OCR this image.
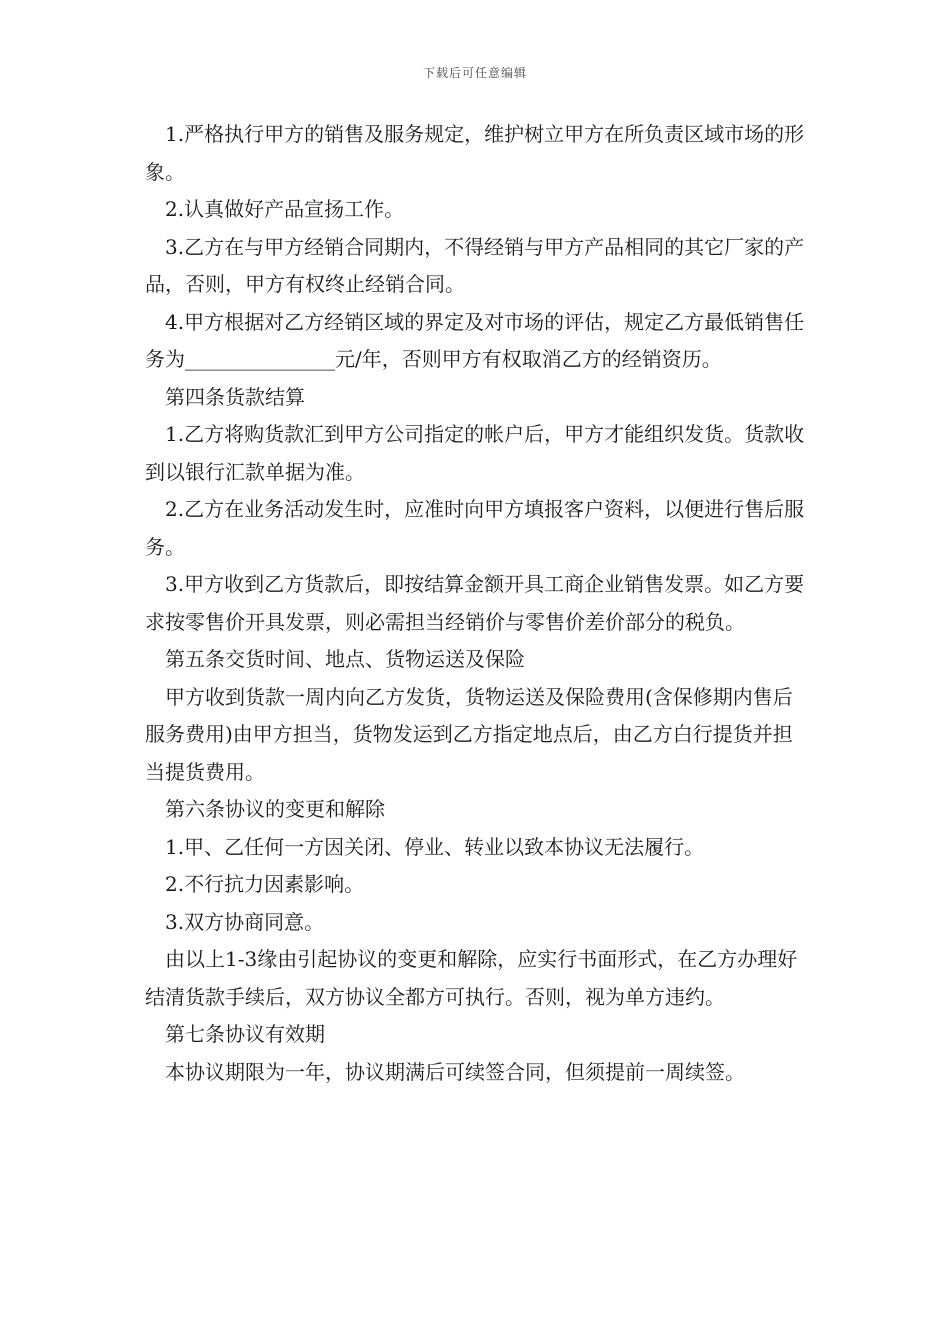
下载后可任意编辑

1.严格执行甲方的销售及服务规定，维护树立甲方在所负责区域市场的形象。

2.认真做好产品宣扬工作。

3.乙方在与甲方经销合同期内，不得经销与甲方产品相同的其它厂家的产品，否则，甲方有权终止经销合同。

4.甲方根据对乙方经销区域的界定及对市场的评估，规定乙方最低销售任务为_______________元/年，否则甲方有权取消乙方的经销资历。

第四条货款结算

1.乙方将购货款汇到甲方公司指定的帐户后，甲方才能组织发货。货款收到以银行汇款单据为准。

2.乙方在业务活动发生时，应准时向甲方填报客户资料，以便进行售后服务。

3.甲方收到乙方货款后，即按结算金额开具工商企业销售发票。如乙方要求按零售价开具发票，则必需担当经销价与零售价差价部分的税负。

第五条交货时间、地点、货物运送及保险

甲方收到货款一周内向乙方发货，货物运送及保险费用(含保修期内售后服务费用)由甲方担当，货物发运到乙方指定地点后，由乙方白行提货并担当提货费用。

第六条协议的变更和解除

1.甲、乙任何一方因关闭、停业、转业以致本协议无法履行。

2.不行抗力因素影响。

3.双方协商同意。

由以上1-3缘由引起协议的变更和解除，应实行书面形式，在乙方办理好结清货款手续后，双方协议全都方可执行。否则，视为单方违约。

第七条协议有效期

本协议期限为一年，协议期满后可续签合同，但须提前一周续签。
